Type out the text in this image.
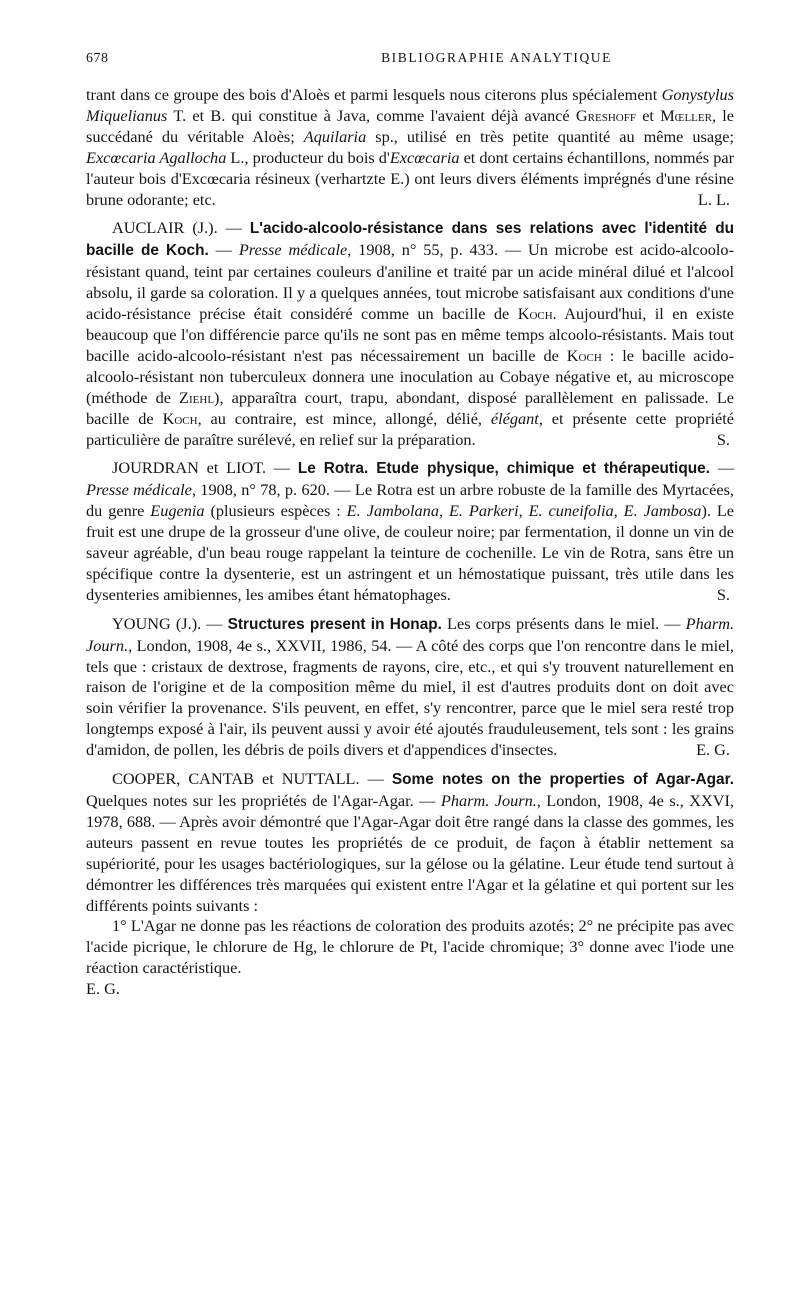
678	BIBLIOGRAPHIE ANALYTIQUE

trant dans ce groupe des bois d'Aloès et parmi lesquels nous citerons plus spécialement Gonystylus Miquelianus T. et B. qui constitue à Java, comme l'avaient déjà avancé Greshoff et Mœller, le succédané du véritable Aloès; Aquilaria sp., utilisé en très petite quantité au même usage; Excœcaria Agallocha L., producteur du bois d'Excœcaria et dont certains échantillons, nommés par l'auteur bois d'Excœcaria résineux (verhartzte E.) ont leurs divers éléments imprégnés d'une résine brune odorante; etc.	L. L.

AUCLAIR (J.). — L'acido-alcoolo-résistance dans ses relations avec l'identité du bacille de Koch. — Presse médicale, 1908, n° 55, p. 433. — Un microbe est acido-alcoolo-résistant quand, teint par certaines couleurs d'aniline et traité par un acide minéral dilué et l'alcool absolu, il garde sa coloration. Il y a quelques années, tout microbe satisfaisant aux conditions d'une acido-résistance précise était considéré comme un bacille de Koch. Aujourd'hui, il en existe beaucoup que l'on différencie parce qu'ils ne sont pas en même temps alcoolo-résistants. Mais tout bacille acido-alcoolo-résistant n'est pas nécessairement un bacille de Koch : le bacille acido-alcoolo-résistant non tuberculeux donnera une inoculation au Cobaye négative et, au microscope (méthode de Ziehl), apparaîtra court, trapu, abondant, disposé parallèlement en palissade. Le bacille de Koch, au contraire, est mince, allongé, délié, élégant, et présente cette propriété particulière de paraître surélevé, en relief sur la préparation.	S.

JOURDRAN et LIOT. — Le Rotra. Etude physique, chimique et thérapeutique. — Presse médicale, 1908, n° 78, p. 620. — Le Rotra est un arbre robuste de la famille des Myrtacées, du genre Eugenia (plusieurs espèces : E. Jambolana, E. Parkeri, E. cuneifolia, E. Jambosa). Le fruit est une drupe de la grosseur d'une olive, de couleur noire; par fermentation, il donne un vin de saveur agréable, d'un beau rouge rappelant la teinture de cochenille. Le vin de Rotra, sans être un spécifique contre la dysenterie, est un astringent et un hémostatique puissant, très utile dans les dysenteries amibiennes, les amibes étant hématophages.	S.

YOUNG (J.). — Structures present in Honap. Les corps présents dans le miel. — Pharm. Journ., London, 1908, 4e s., XXVII, 1986, 54. — A côté des corps que l'on rencontre dans le miel, tels que : cristaux de dextrose, fragments de rayons, cire, etc., et qui s'y trouvent naturellement en raison de l'origine et de la composition même du miel, il est d'autres produits dont on doit avec soin vérifier la provenance. S'ils peuvent, en effet, s'y rencontrer, parce que le miel sera resté trop longtemps exposé à l'air, ils peuvent aussi y avoir été ajoutés frauduleusement, tels sont : les grains d'amidon, de pollen, les débris de poils divers et d'appendices d'insectes.	E. G.

COOPER, CANTAB et NUTTALL. — Some notes on the properties of Agar-Agar. Quelques notes sur les propriétés de l'Agar-Agar. — Pharm. Journ., London, 1908, 4e s., XXVI, 1978, 688. — Après avoir démontré que l'Agar-Agar doit être rangé dans la classe des gommes, les auteurs passent en revue toutes les propriétés de ce produit, de façon à établir nettement sa supériorité, pour les usages bactériologiques, sur la gélose ou la gélatine. Leur étude tend surtout à démontrer les différences très marquées qui existent entre l'Agar et la gélatine et qui portent sur les différents points suivants :

1° L'Agar ne donne pas les réactions de coloration des produits azotés; 2° ne précipite pas avec l'acide picrique, le chlorure de Hg, le chlorure de Pt, l'acide chromique; 3° donne avec l'iode une réaction caractéristique.

E. G.
